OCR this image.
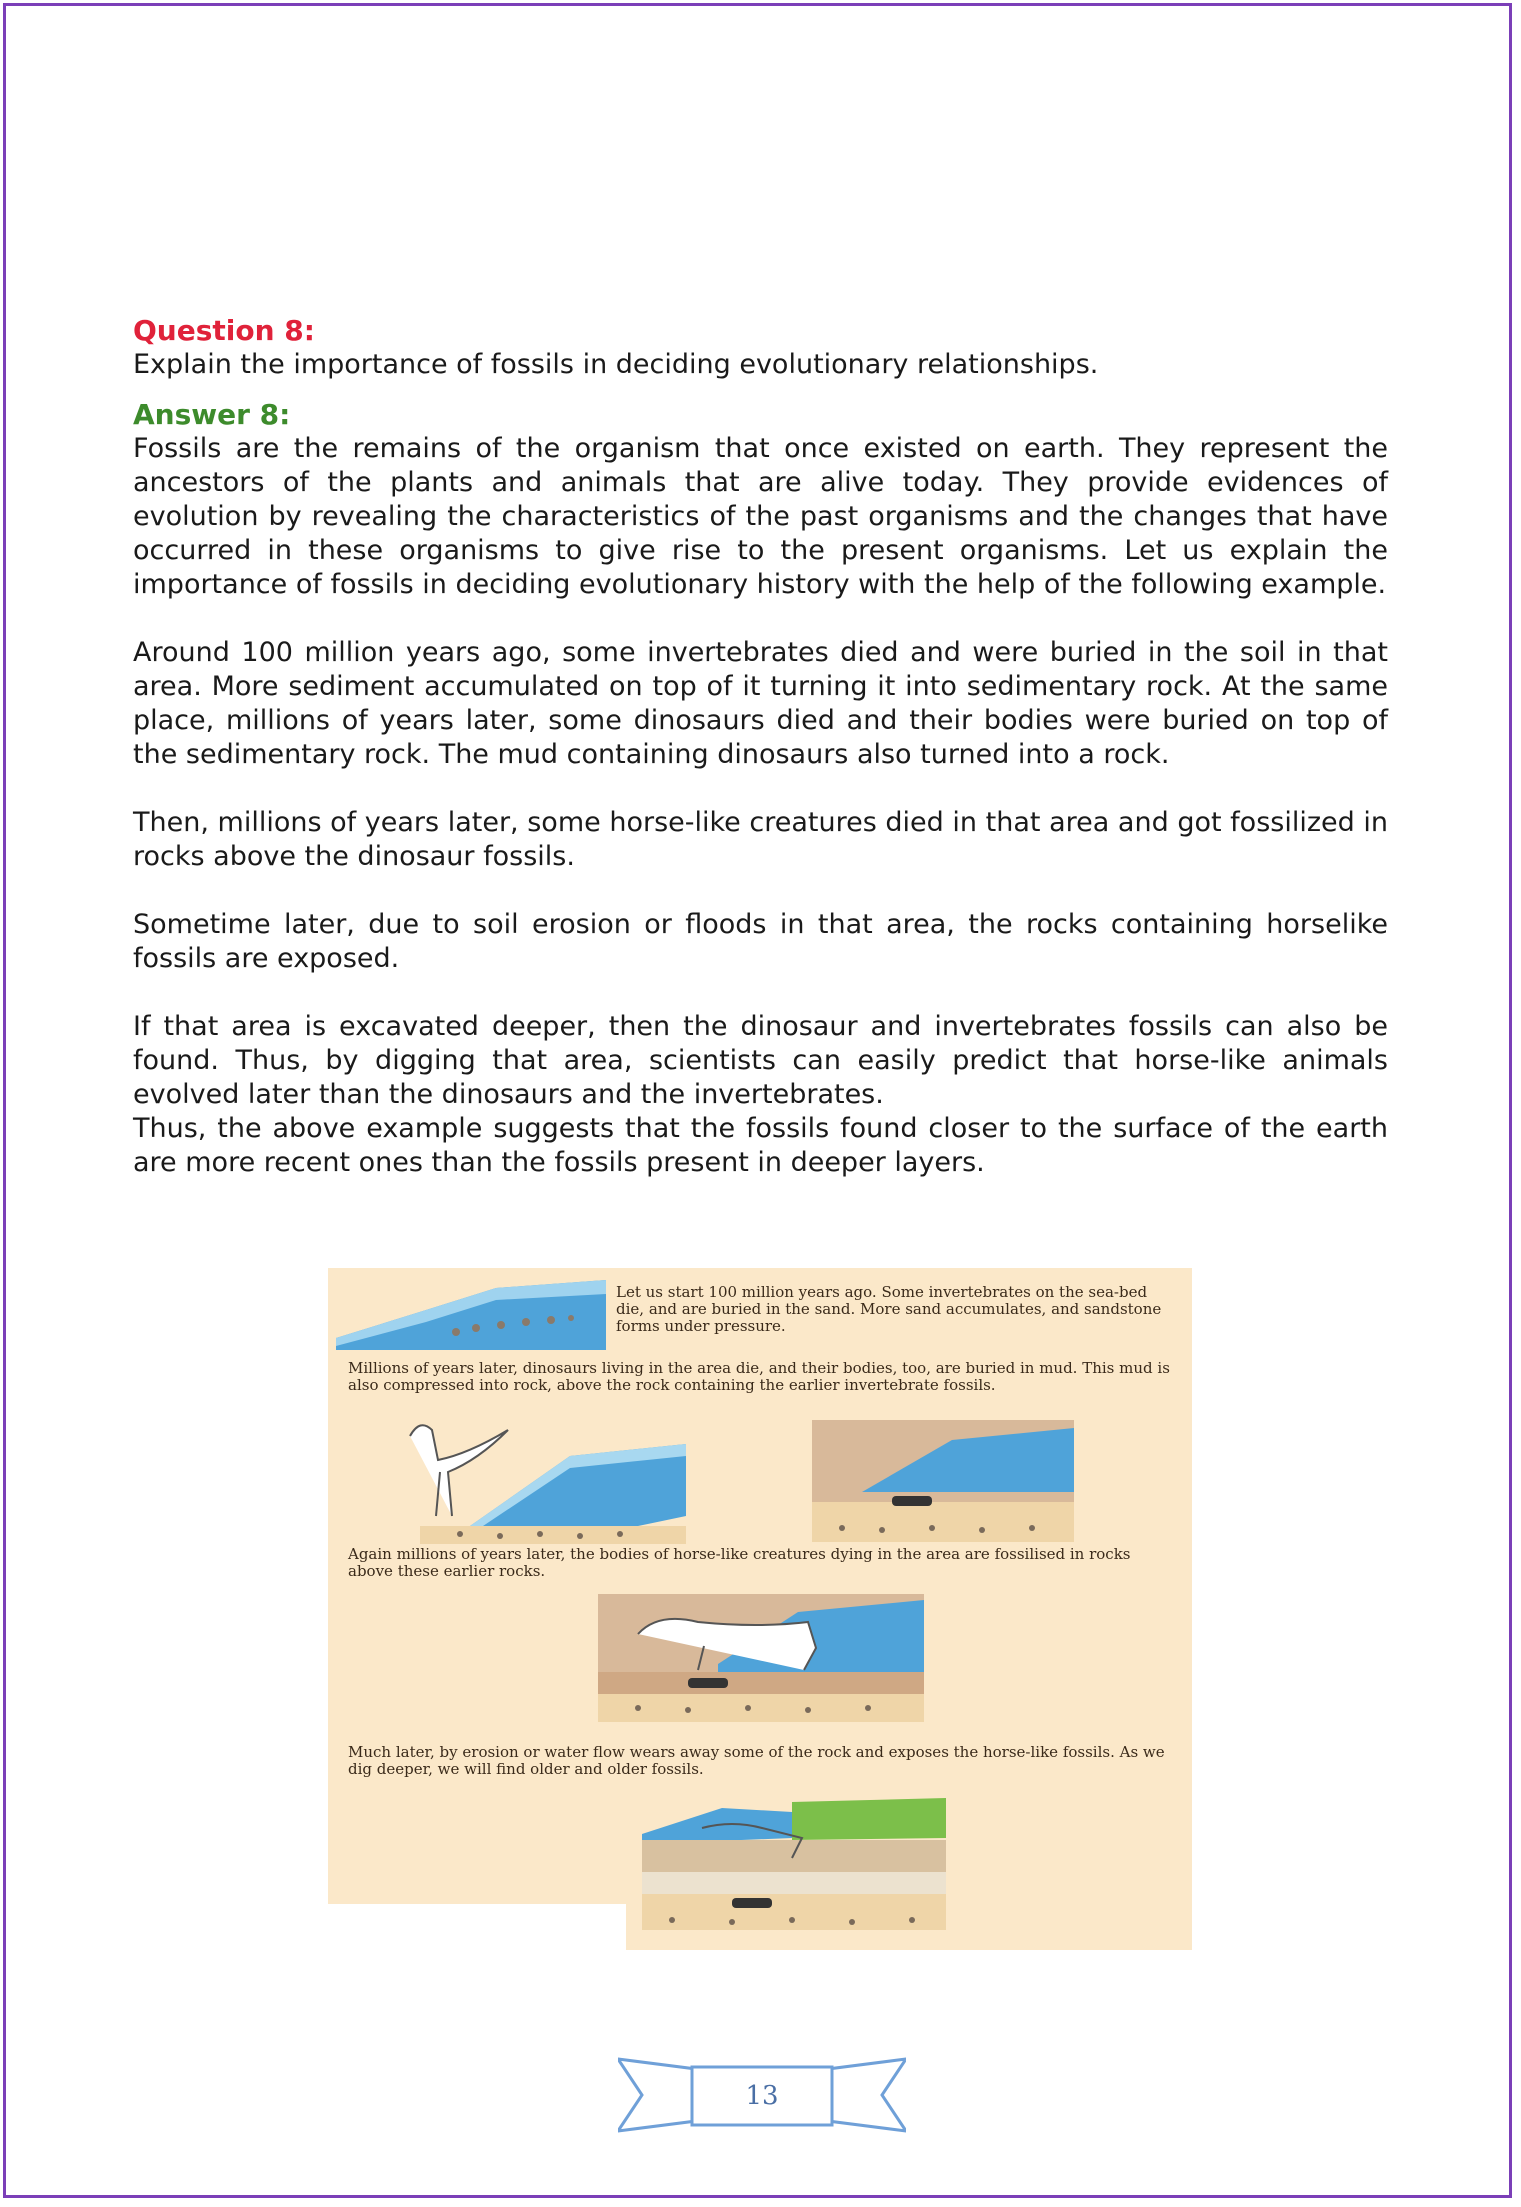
Question 8:

Explain the importance of fossils in deciding evolutionary relationships.

Answer 8:

Fossils are the remains of the organism that once existed on earth. They represent the ancestors of the plants and animals that are alive today. They provide evidences of evolution by revealing the characteristics of the past organisms and the changes that have occurred in these organisms to give rise to the present organisms. Let us explain the importance of fossils in deciding evolutionary history with the help of the following example.

Around 100 million years ago, some invertebrates died and were buried in the soil in that area. More sediment accumulated on top of it turning it into sedimentary rock. At the same place, millions of years later, some dinosaurs died and their bodies were buried on top of the sedimentary rock. The mud containing dinosaurs also turned into a rock.

Then, millions of years later, some horse-like creatures died in that area and got fossilized in rocks above the dinosaur fossils.

Sometime later, due to soil erosion or floods in that area, the rocks containing horselike fossils are exposed.

If that area is excavated deeper, then the dinosaur and invertebrates fossils can also be found. Thus, by digging that area, scientists can easily predict that horse-like animals evolved later than the dinosaurs and the invertebrates.

Thus, the above example suggests that the fossils found closer to the surface of the earth are more recent ones than the fossils present in deeper layers.

Let us start 100 million years ago. Some invertebrates on the sea-bed die, and are buried in the sand. More sand accumulates, and sandstone forms under pressure.

Millions of years later, dinosaurs living in the area die, and their bodies, too, are buried in mud. This mud is also compressed into rock, above the rock containing the earlier invertebrate fossils.

Again millions of years later, the bodies of horse-like creatures dying in the area are fossilised in rocks above these earlier rocks.

Much later, by erosion or water flow wears away some of the rock and exposes the horse-like fossils. As we dig deeper, we will find older and older fossils.

13
